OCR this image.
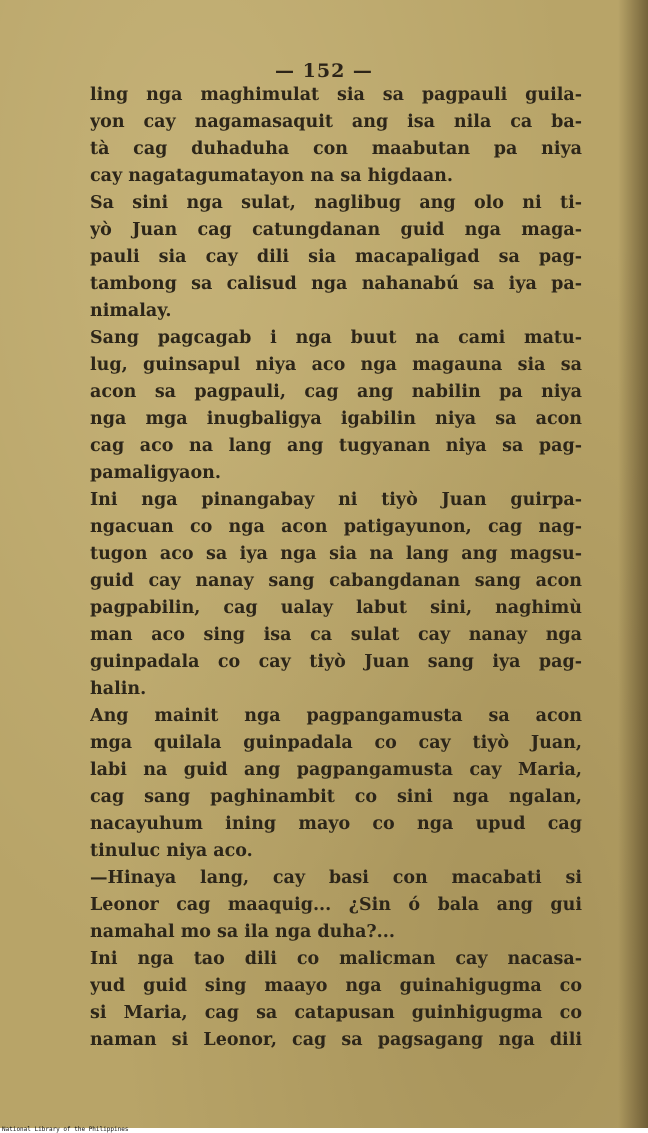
— 152 —
ling nga maghimulat sia sa pagpauli guila-
yon cay nagamasaquit ang isa nila ca ba-
tà cag duhaduha con maabutan pa niya
cay nagatagumatayon na sa higdaan.
Sa sini nga sulat, naglibug ang olo ni ti-
yò Juan cag catungdanan guid nga maga-
pauli sia cay dili sia macapaligad sa pag-
tambong sa calisud nga nahanabú sa iya pa-
nimalay.
Sang pagcagab i nga buut na cami matu-
lug, guinsapul niya aco nga magauna sia sa
acon sa pagpauli, cag ang nabilin pa niya
nga mga inugbaligya igabilin niya sa acon
cag aco na lang ang tugyanan niya sa pag-
pamaligyaon.
Ini nga pinangabay ni tiyò Juan guirpa-
ngacuan co nga acon patigayunon, cag nag-
tugon aco sa iya nga sia na lang ang magsu-
guid cay nanay sang cabangdanan sang acon
pagpabilin, cag ualay labut sini, naghimù
man aco sing isa ca sulat cay nanay nga
guinpadala co cay tiyò Juan sang iya pag-
halin.
Ang mainit nga pagpangamusta sa acon
mga quilala guinpadala co cay tiyò Juan,
labi na guid ang pagpangamusta cay Maria,
cag sang paghinambit co sini nga ngalan,
nacayuhum ining mayo co nga upud cag
tinuluc niya aco.
—Hinaya lang, cay basi con macabati si
Leonor cag maaquig... ¿Sin ó bala ang gui
namahal mo sa ila nga duha?...
Ini nga tao dili co malicman cay nacasa-
yud guid sing maayo nga guinahigugma co
si Maria, cag sa catapusan guinhigugma co
naman si Leonor, cag sa pagsagang nga dili
National Library of the Philippines
